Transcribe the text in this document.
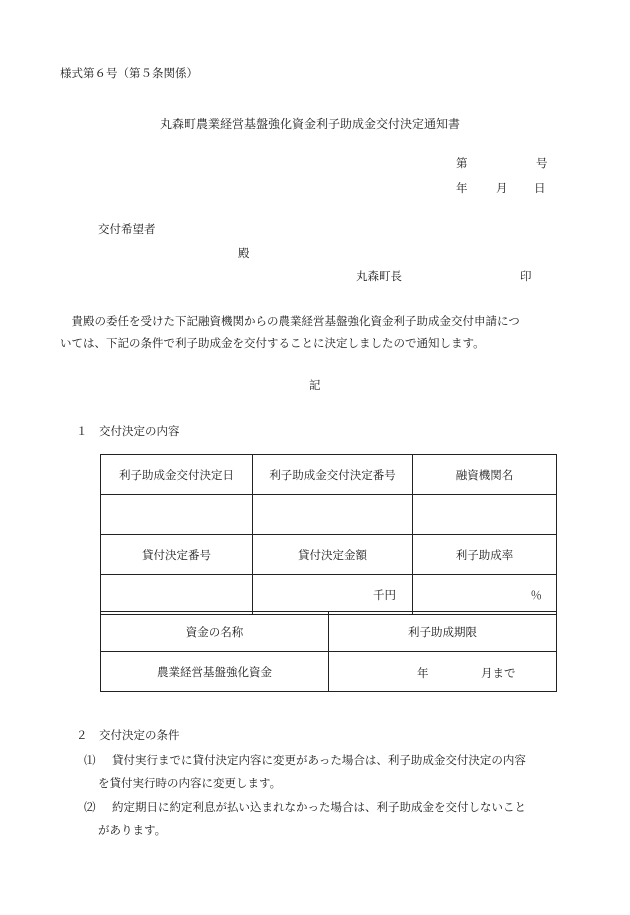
様式第６号（第５条関係）
丸森町農業経営基盤強化資金利子助成金交付決定通知書
第	号
年 月 日
交付希望者
殿
丸森町長	印
　貴殿の委任を受けた下記融資機関からの農業経営基盤強化資金利子助成金交付申請につ
いては、下記の条件で利子助成金を交付することに決定しましたので通知します。
記
１　交付決定の内容
利子助成金交付決定日	利子助成金交付決定番号	融資機関名

貸付決定番号	貸付決定金額	利子助成率
	千円	％
資金の名称	利子助成期限
農業経営基盤強化資金	年 月まで
２　交付決定の条件
⑴ 貸付実行までに貸付決定内容に変更があった場合は、利子助成金交付決定の内容
を貸付実行時の内容に変更します。
⑵ 約定期日に約定利息が払い込まれなかった場合は、利子助成金を交付しないこと
があります。
